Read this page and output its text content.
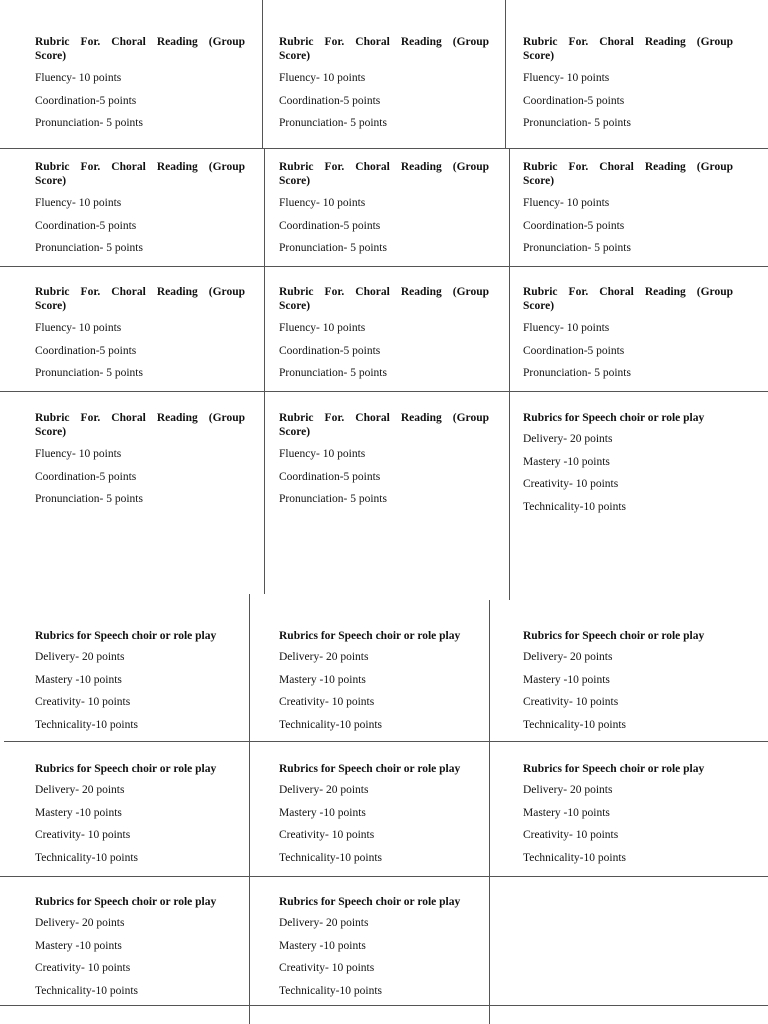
Rubric For. Choral Reading (Group Score)
Fluency- 10 points
Coordination-5 points
Pronunciation- 5 points
Rubric For. Choral Reading (Group Score)
Fluency- 10 points
Coordination-5 points
Pronunciation- 5 points
Rubric For. Choral Reading (Group Score)
Fluency- 10 points
Coordination-5 points
Pronunciation- 5 points
Rubric For. Choral Reading (Group Score)
Fluency- 10 points
Coordination-5 points
Pronunciation- 5 points
Rubric For. Choral Reading (Group Score)
Fluency- 10 points
Coordination-5 points
Pronunciation- 5 points
Rubric For. Choral Reading (Group Score)
Fluency- 10 points
Coordination-5 points
Pronunciation- 5 points
Rubric For. Choral Reading (Group Score)
Fluency- 10 points
Coordination-5 points
Pronunciation- 5 points
Rubric For. Choral Reading (Group Score)
Fluency- 10 points
Coordination-5 points
Pronunciation- 5 points
Rubric For. Choral Reading (Group Score)
Fluency- 10 points
Coordination-5 points
Pronunciation- 5 points
Rubric For. Choral Reading (Group Score)
Fluency- 10 points
Coordination-5 points
Pronunciation- 5 points
Rubric For. Choral Reading (Group Score)
Fluency- 10 points
Coordination-5 points
Pronunciation- 5 points
Rubrics for Speech choir or role play
Delivery- 20 points
Mastery -10 points
Creativity- 10 points
Technicality-10 points
Rubrics for Speech choir or role play
Delivery- 20 points
Mastery -10 points
Creativity- 10 points
Technicality-10 points
Rubrics for Speech choir or role play
Delivery- 20 points
Mastery -10 points
Creativity- 10 points
Technicality-10 points
Rubrics for Speech choir or role play
Delivery- 20 points
Mastery -10 points
Creativity- 10 points
Technicality-10 points
Rubrics for Speech choir or role play
Delivery- 20 points
Mastery -10 points
Creativity- 10 points
Technicality-10 points
Rubrics for Speech choir or role play
Delivery- 20 points
Mastery -10 points
Creativity- 10 points
Technicality-10 points
Rubrics for Speech choir or role play
Delivery- 20 points
Mastery -10 points
Creativity- 10 points
Technicality-10 points
Rubrics for Speech choir or role play
Delivery- 20 points
Mastery -10 points
Creativity- 10 points
Technicality-10 points
Rubrics for Speech choir or role play
Delivery- 20 points
Mastery -10 points
Creativity- 10 points
Technicality-10 points
